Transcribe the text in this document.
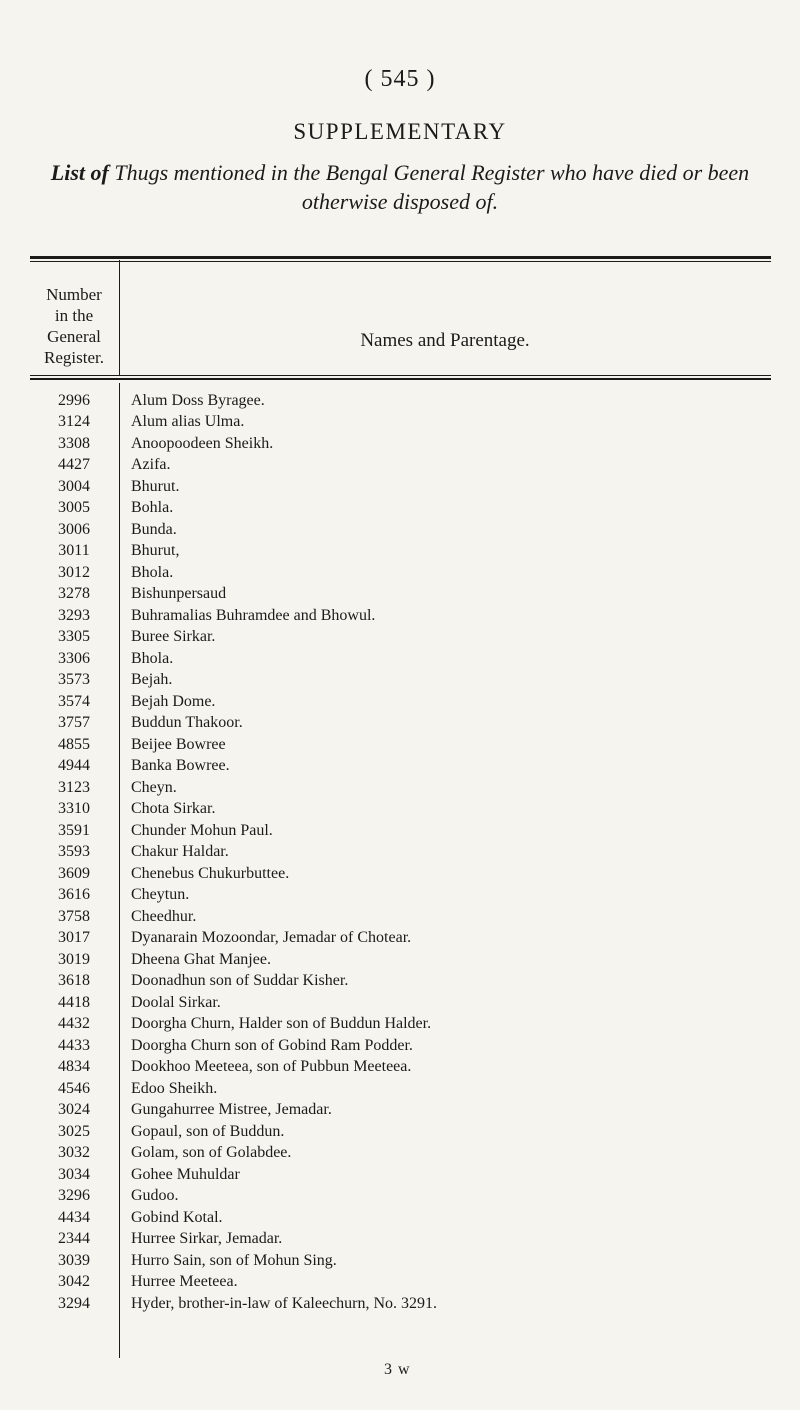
( 545 )
SUPPLEMENTARY
List of Thugs mentioned in the Bengal General Register who have died or been otherwise disposed of.
Number
in the
General
Register.
Names and Parentage.
2996	Alum Doss Byragee.
3124	Alum alias Ulma.
3308	Anoopoodeen Sheikh.
4427	Azifa.
3004	Bhurut.
3005	Bohla.
3006	Bunda.
3011	Bhurut,
3012	Bhola.
3278	Bishunpersaud
3293	Buhramalias Buhramdee and Bhowul.
3305	Buree Sirkar.
3306	Bhola.
3573	Bejah.
3574	Bejah Dome.
3757	Buddun Thakoor.
4855	Beijee Bowree
4944	Banka Bowree.
3123	Cheyn.
3310	Chota Sirkar.
3591	Chunder Mohun Paul.
3593	Chakur Haldar.
3609	Chenebus Chukurbuttee.
3616	Cheytun.
3758	Cheedhur.
3017	Dyanarain Mozoondar, Jemadar of Chotear.
3019	Dheena Ghat Manjee.
3618	Doonadhun son of Suddar Kisher.
4418	Doolal Sirkar.
4432	Doorgha Churn, Halder son of Buddun Halder.
4433	Doorgha Churn son of Gobind Ram Podder.
4834	Dookhoo Meeteea, son of Pubbun Meeteea.
4546	Edoo Sheikh.
3024	Gungahurree Mistree, Jemadar.
3025	Gopaul, son of Buddun.
3032	Golam, son of Golabdee.
3034	Gohee Muhuldar
3296	Gudoo.
4434	Gobind Kotal.
2344	Hurree Sirkar, Jemadar.
3039	Hurro Sain, son of Mohun Sing.
3042	Hurree Meeteea.
3294	Hyder, brother-in-law of Kaleechurn, No. 3291.
3 w
